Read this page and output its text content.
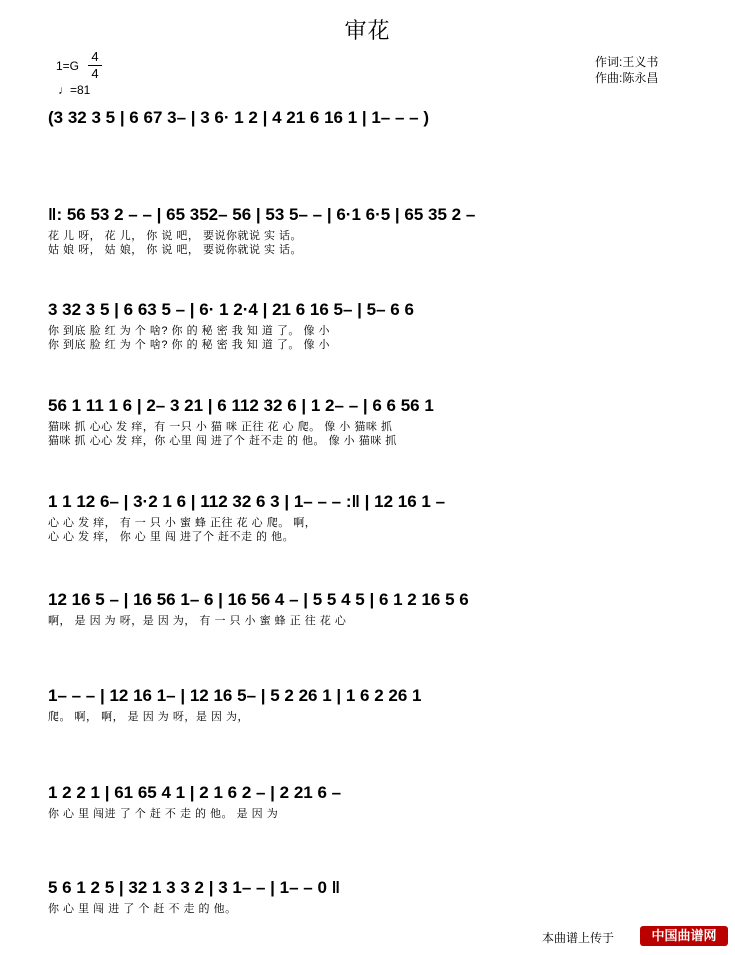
审花
1=G
4
4
♩=81
作词:王义书
作曲:陈永昌
(3 32 3 5 | 6 67 3– | 3 6· 1 2 | 4 21 6 16 1 | 1– – – )
‖: 56 53 2 – – | 65 352– 56 | 53 5– – | 6·1 6·5 | 65 35 2 –
花 儿 呀， 花 儿， 你 说 吧， 要说你就说 实 话。
姑 娘 呀， 姑 娘， 你 说 吧， 要说你就说 实 话。
3 32 3 5 | 6 63 5 – | 6· 1 2·4 | 21 6 16 5– | 5– 6 6
你 到底 脸 红 为 个 啥? 你 的 秘 密 我 知 道 了。 像 小
你 到底 脸 红 为 个 啥? 你 的 秘 密 我 知 道 了。 像 小
56 1 11 1 6 | 2– 3 21 | 6 112 32 6 | 1 2– – | 6 6 56 1
猫咪 抓 心心 发 痒，有 一只 小 猫 咪 正往 花 心 爬。 像 小 猫咪 抓
猫咪 抓 心心 发 痒，你 心里 闯 进了个 赶不走 的 他。 像 小 猫咪 抓
1 1 12 6– | 3·2 1 6 | 112 32 6 3 | 1– – – :‖ | 12 16 1 –
心 心 发 痒， 有 一 只 小 蜜 蜂 正往 花 心 爬。 啊，
心 心 发 痒， 你 心 里 闯 进了个 赶不走 的 他。
12 16 5 – | 16 56 1– 6 | 16 56 4 – | 5 5 4 5 | 6 1 2 16 5 6
啊， 是 因 为 呀，是 因 为， 有 一 只 小 蜜 蜂 正 往 花 心
1– – – | 12 16 1– | 12 16 5– | 5 2 26 1 | 1 6 2 26 1
爬。 啊， 啊， 是 因 为 呀，是 因 为，
1 2 2 1 | 61 65 4 1 | 2 1 6 2 – | 2 21 6 –
你 心 里 闯进 了 个 赶 不 走 的 他。 是 因 为
5 6 1 2 5 | 32 1 3 3 2 | 3 1– – | 1– – 0 ‖
你 心 里 闯 进 了 个 赶 不 走 的 他。
本曲谱上传于	中国曲谱网
